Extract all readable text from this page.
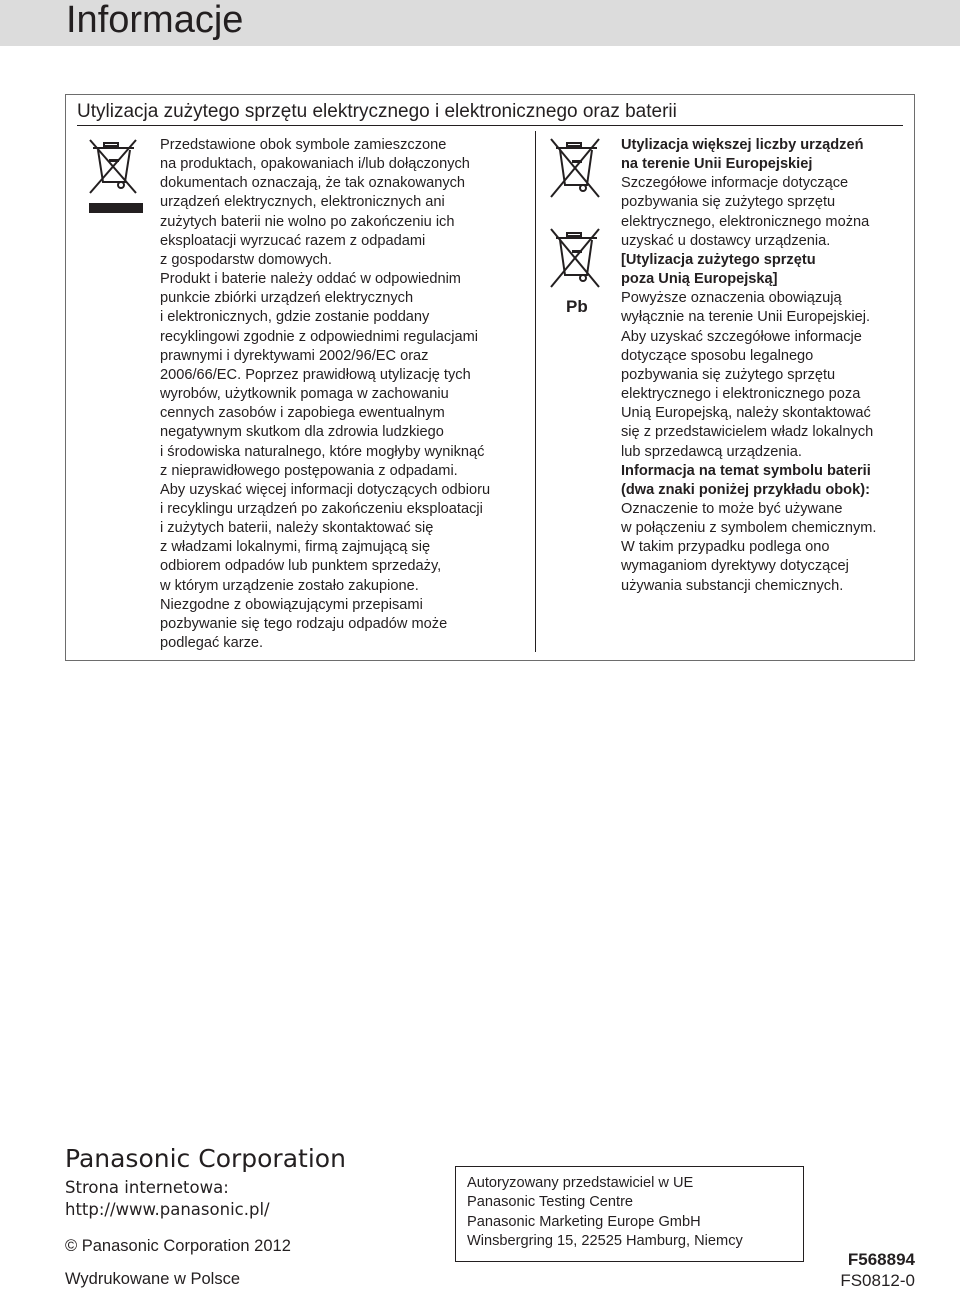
Informacje
Utylizacja zużytego sprzętu elektrycznego i elektronicznego oraz baterii
Pb

Przedstawione obok symbole zamieszczone

na produktach, opakowaniach i/lub dołączonych

dokumentach oznaczają, że tak oznakowanych

urządzeń elektrycznych, elektronicznych ani

zużytych baterii nie wolno po zakończeniu ich

eksploatacji wyrzucać razem z odpadami

z gospodarstw domowych.

Produkt i baterie należy oddać w odpowiednim

punkcie zbiórki urządzeń elektrycznych

i elektronicznych, gdzie zostanie poddany

recyklingowi zgodnie z odpowiednimi regulacjami

prawnymi i dyrektywami 2002/96/EC oraz

2006/66/EC. Poprzez prawidłową utylizację tych

wyrobów, użytkownik pomaga w zachowaniu

cennych zasobów i zapobiega ewentualnym

negatywnym skutkom dla zdrowia ludzkiego

i środowiska naturalnego, które mogłyby wyniknąć

z nieprawidłowego postępowania z odpadami.

Aby uzyskać więcej informacji dotyczących odbioru

i recyklingu urządzeń po zakończeniu eksploatacji

i zużytych baterii, należy skontaktować się

z władzami lokalnymi, firmą zajmującą się

odbiorem odpadów lub punktem sprzedaży,

w którym urządzenie zostało zakupione.

Niezgodne z obowiązującymi przepisami

pozbywanie się tego rodzaju odpadów może

podlegać karze.

Utylizacja większej liczby urządzeń

na terenie Unii Europejskiej

Szczegółowe informacje dotyczące

pozbywania się zużytego sprzętu

elektrycznego, elektronicznego można

uzyskać u dostawcy urządzenia.

[Utylizacja zużytego sprzętu

poza Unią Europejską]

Powyższe oznaczenia obowiązują

wyłącznie na terenie Unii Europejskiej.

Aby uzyskać szczegółowe informacje

dotyczące sposobu legalnego

pozbywania się zużytego sprzętu

elektrycznego i elektronicznego poza

Unią Europejską, należy skontaktować

się z przedstawicielem władz lokalnych

lub sprzedawcą urządzenia.

Informacja na temat symbolu baterii

(dwa znaki poniżej przykładu obok):

Oznaczenie to może być używane

w połączeniu z symbolem chemicznym.

W takim przypadku podlega ono

wymaganiom dyrektywy dotyczącej

używania substancji chemicznych.

Panasonic Corporation
Strona internetowa:
http://www.panasonic.pl/
© Panasonic Corporation 2012
Wydrukowane w Polsce
Autoryzowany przedstawiciel w UE
Panasonic Testing Centre
Panasonic Marketing Europe GmbH
Winsbergring 15, 22525 Hamburg, Niemcy
F568894
FS0812-0
